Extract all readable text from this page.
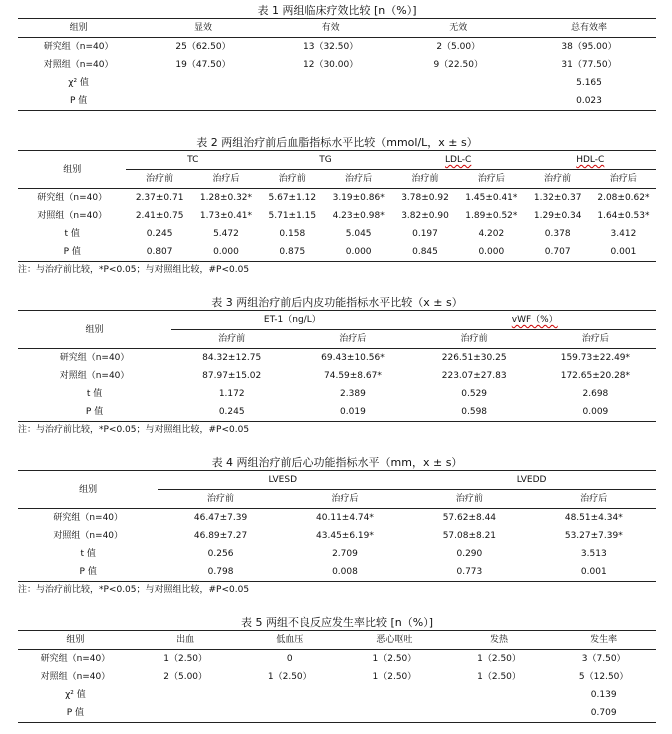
表 1 两组临床疗效比较 [n（%）]
组别	显效	有效	无效	总有效率
研究组（n=40）	25（62.50）	13（32.50）	2（5.00）	38（95.00）
对照组（n=40）	19（47.50）	12（30.00）	9（22.50）	31（77.50）
χ² 值				5.165
P 值				0.023
表 2 两组治疗前后血脂指标水平比较（mmol/L，x ± s）
组别	TC		TG		LDL-C		HDL-C	
	治疗前	治疗后	治疗前	治疗后	治疗前	治疗后	治疗前	治疗后
研究组（n=40）	2.37±0.71	1.28±0.32*	5.67±1.12	3.19±0.86*	3.78±0.92	1.45±0.41*	1.32±0.37	2.08±0.62*
对照组（n=40）	2.41±0.75	1.73±0.41*	5.71±1.15	4.23±0.98*	3.82±0.90	1.89±0.52*	1.29±0.34	1.64±0.53*
t 值	0.245	5.472	0.158	5.045	0.197	4.202	0.378	3.412
P 值	0.807	0.000	0.875	0.000	0.845	0.000	0.707	0.001
注：与治疗前比较，*P<0.05；与对照组比较，#P<0.05
表 3 两组治疗前后内皮功能指标水平比较（x ± s）
组别	ET-1（ng/L）		vWF（%）	
	治疗前	治疗后	治疗前	治疗后
研究组（n=40）	84.32±12.75	69.43±10.56*	226.51±30.25	159.73±22.49*
对照组（n=40）	87.97±15.02	74.59±8.67*	223.07±27.83	172.65±20.28*
t 值	1.172	2.389	0.529	2.698
P 值	0.245	0.019	0.598	0.009
注：与治疗前比较，*P<0.05；与对照组比较，#P<0.05
表 4 两组治疗前后心功能指标水平（mm，x ± s）
组别	LVESD		LVEDD	
	治疗前	治疗后	治疗前	治疗后
研究组（n=40）	46.47±7.39	40.11±4.74*	57.62±8.44	48.51±4.34*
对照组（n=40）	46.89±7.27	43.45±6.19*	57.08±8.21	53.27±7.39*
t 值	0.256	2.709	0.290	3.513
P 值	0.798	0.008	0.773	0.001
注：与治疗前比较，*P<0.05；与对照组比较，#P<0.05
表 5 两组不良反应发生率比较 [n（%）]
组别	出血	低血压	恶心呕吐	发热	发生率
研究组（n=40）	1（2.50）	0	1（2.50）	1（2.50）	3（7.50）
对照组（n=40）	2（5.00）	1（2.50）	1（2.50）	1（2.50）	5（12.50）
χ² 值					0.139
P 值					0.709
